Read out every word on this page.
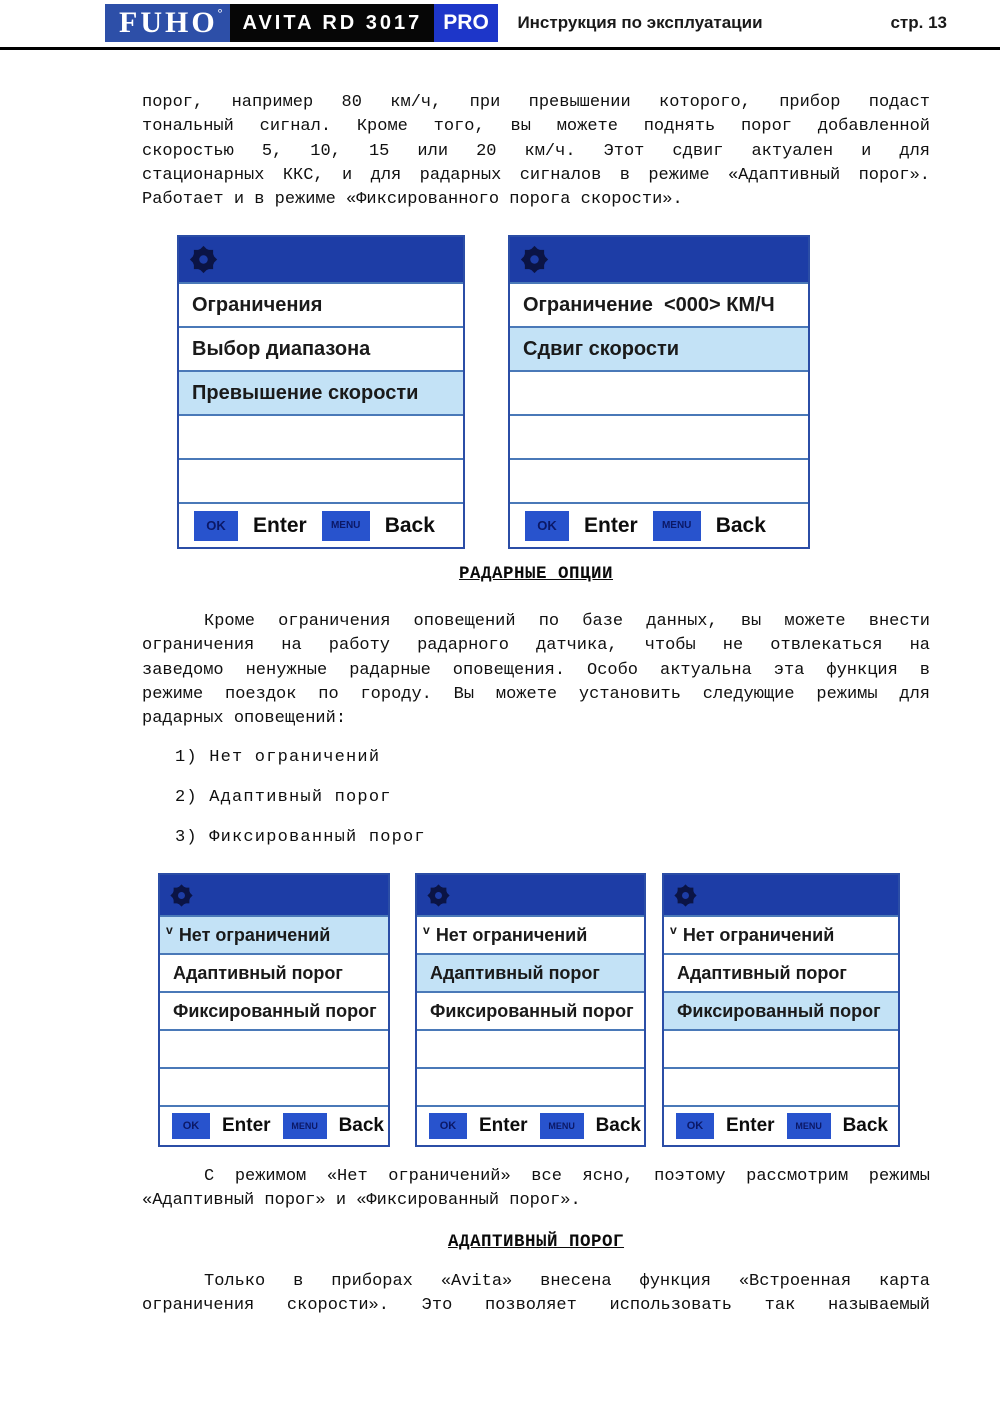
FUHO °	AVITA RD 3017	PRO	Инструкция по эксплуатации	стр. 13
порог, например 80 км/ч, при превышении которого, прибор подаст
тональный сигнал. Кроме того, вы можете поднять порог добавленной
скоростью 5, 10, 15 или 20 км/ч. Этот сдвиг актуален и для
стационарных ККС, и для радарных сигналов в режиме «Адаптивный порог».
Работает и в режиме «Фиксированного порога скорости».
Ограничения
Выбор диапазона
Превышение скорости
OK	Enter	MENU	Back
Ограничение  <000> КМ/Ч
Сдвиг скорости
OK	Enter	MENU	Back
РАДАРНЫЕ ОПЦИИ
Кроме ограничения оповещений по базе данных, вы можете внести
ограничения на работу радарного датчика, чтобы не отвлекаться на
заведомо ненужные радарные оповещения. Особо актуальна эта функция в
режиме поездок по городу. Вы можете установить следующие режимы для
радарных оповещений:
1) Нет ограничений
2) Адаптивный порог
3) Фиксированный порог
v Нет ограничений
Адаптивный порог
Фиксированный порог
OK	Enter	MENU	Back
v Нет ограничений
Адаптивный порог
Фиксированный порог
OK	Enter	MENU	Back
v Нет ограничений
Адаптивный порог
Фиксированный порог
OK	Enter	MENU	Back
С режимом «Нет ограничений» все ясно, поэтому рассмотрим режимы
«Адаптивный порог» и «Фиксированный порог».
АДАПТИВНЫЙ ПОРОГ
Только в приборах «Avita» внесена функция «Встроенная карта
ограничения скорости». Это позволяет использовать так называемый
